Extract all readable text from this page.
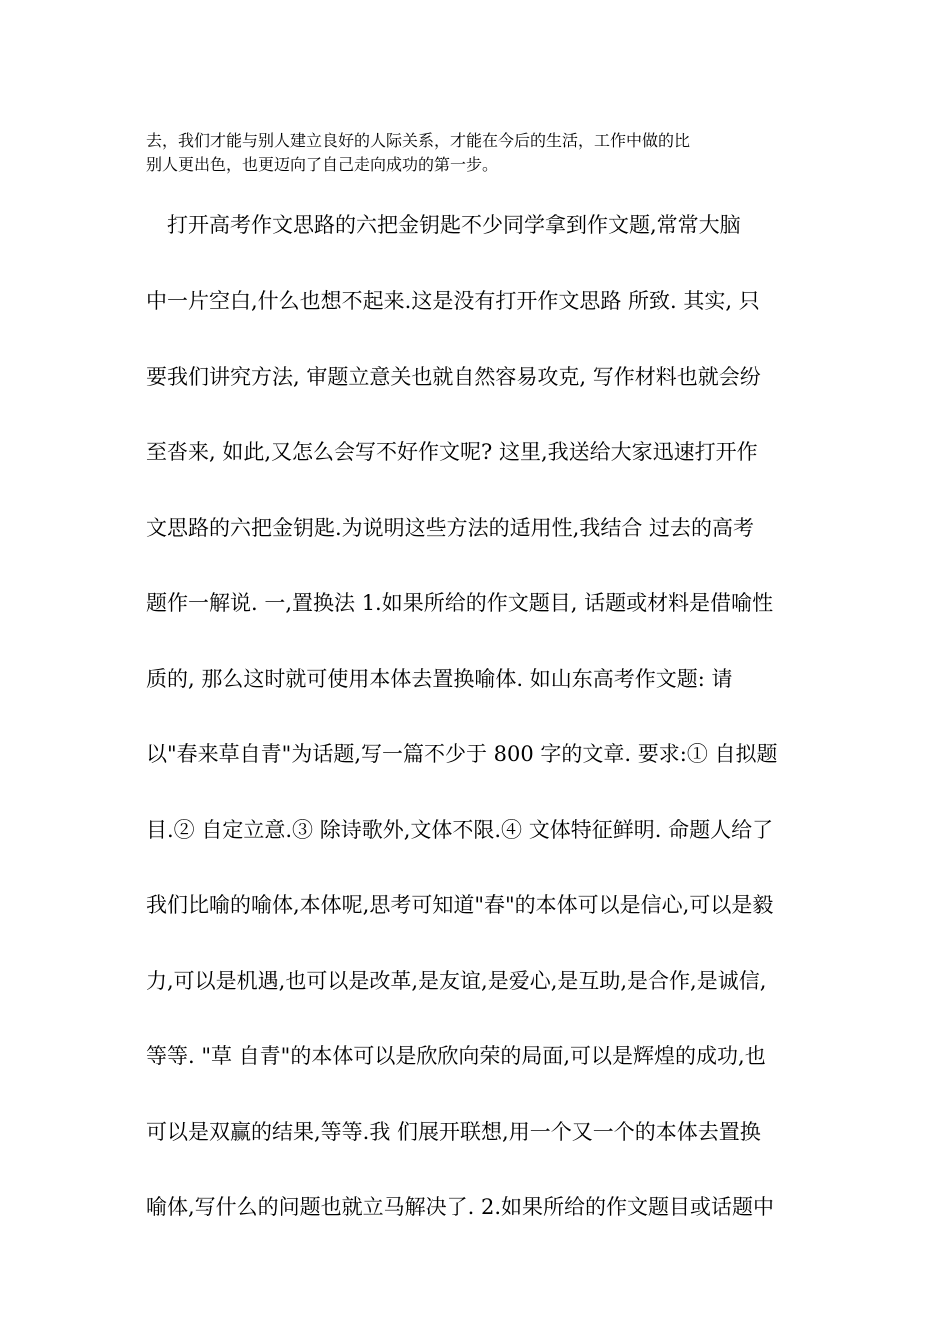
去，我们才能与别人建立良好的人际关系，才能在今后的生活，工作中做的比
别人更出色，也更迈向了自己走向成功的第一步。
　打开高考作文思路的六把金钥匙不少同学拿到作文题,常常大脑
中一片空白,什么也想不起来.这是没有打开作文思路 所致. 其实, 只
要我们讲究方法, 审题立意关也就自然容易攻克, 写作材料也就会纷
至沓来, 如此,又怎么会写不好作文呢? 这里,我送给大家迅速打开作
文思路的六把金钥匙.为说明这些方法的适用性,我结合 过去的高考
题作一解说. 一,置换法 1.如果所给的作文题目, 话题或材料是借喻性
质的, 那么这时就可使用本体去置换喻体. 如山东高考作文题: 请
以"春来草自青"为话题,写一篇不少于 800 字的文章. 要求:① 自拟题
目.② 自定立意.③ 除诗歌外,文体不限.④ 文体特征鲜明. 命题人给了
我们比喻的喻体,本体呢,思考可知道"春"的本体可以是信心,可以是毅
力,可以是机遇,也可以是改革,是友谊,是爱心,是互助,是合作,是诚信,
等等. "草 自青"的本体可以是欣欣向荣的局面,可以是辉煌的成功,也
可以是双赢的结果,等等.我 们展开联想,用一个又一个的本体去置换
喻体,写什么的问题也就立马解决了. 2.如果所给的作文题目或话题中
